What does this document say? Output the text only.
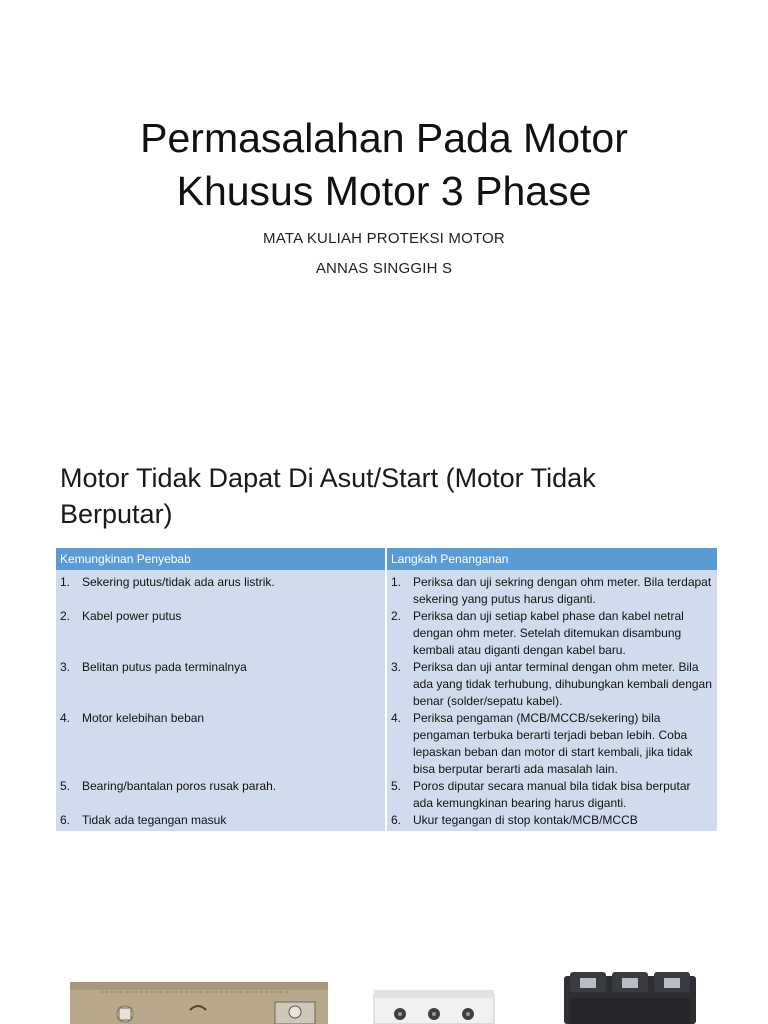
Permasalahan Pada Motor
Khusus Motor 3 Phase
MATA KULIAH PROTEKSI MOTOR
ANNAS SINGGIH S
Motor Tidak Dapat Di Asut/Start (Motor Tidak Berputar)
Kemungkinan Penyebab	Langkah Penanganan

1. Sekering putus/tidak ada arus listrik.	1. Periksa dan uji sekring dengan ohm meter. Bila terdapat sekering yang putus harus diganti.

2. Kabel power putus	2. Periksa dan uji setiap kabel phase dan kabel netral dengan ohm meter. Setelah ditemukan disambung kembali atau diganti dengan kabel baru.

3. Belitan putus pada terminalnya	3. Periksa dan uji antar terminal dengan ohm meter. Bila ada yang tidak terhubung, dihubungkan kembali dengan benar (solder/sepatu kabel).

4. Motor kelebihan beban	4. Periksa pengaman (MCB/MCCB/sekering) bila pengaman terbuka berarti terjadi beban lebih. Coba lepaskan beban dan motor di start kembali, jika tidak bisa berputar berarti ada masalah lain.

5. Bearing/bantalan poros rusak parah.	5. Poros diputar secara manual bila tidak bisa berputar ada kemungkinan bearing harus diganti.

6. Tidak ada tegangan masuk	6. Ukur tegangan di stop kontak/MCB/MCCB
